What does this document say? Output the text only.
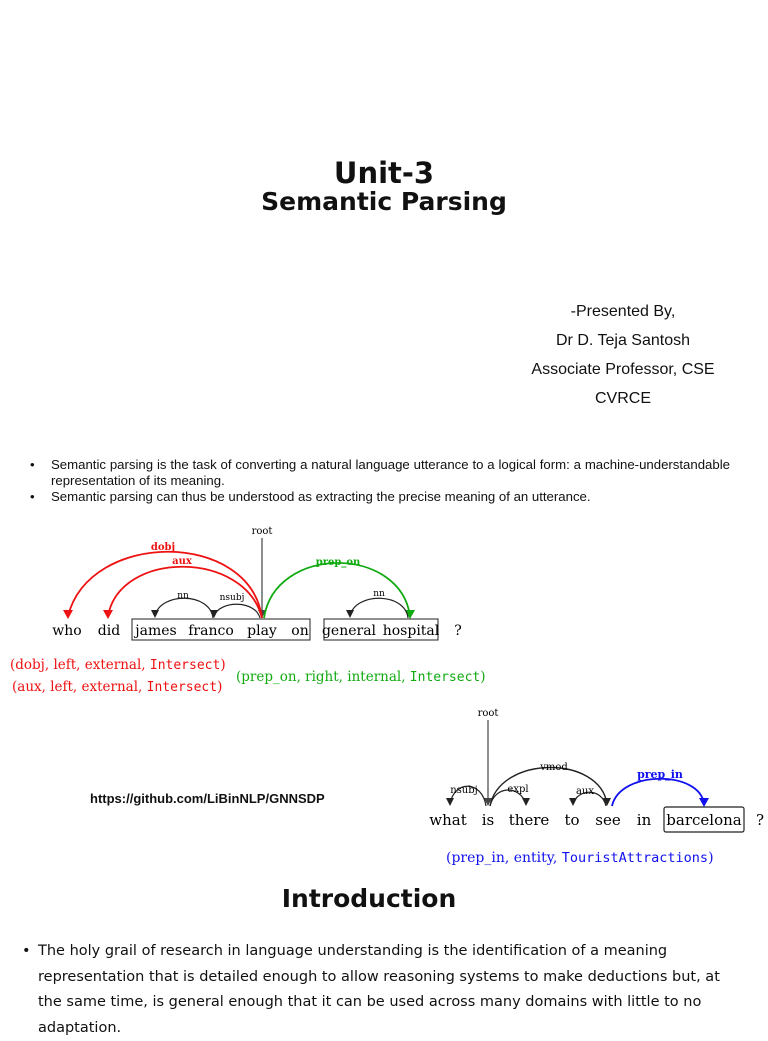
Unit-3
Semantic Parsing
-Presented By,
Dr D. Teja Santosh
Associate Professor, CSE
CVRCE
• Semantic parsing is the task of converting a natural language utterance to a logical form: a machine-understandable representation of its meaning.
• Semantic parsing can thus be understood as extracting the precise meaning of an utterance.
root
dobj
aux	prep_on
nn	nsubj	nn
who did james franco play on general hospital ?
(dobj, left, external, Intersect)
(aux, left, external, Intersect)
(prep_on, right, internal, Intersect)
https://github.com/LiBinNLP/GNNSDP
root
vmod
nsubj	expl	aux
prep_in
what is there to see in barcelona ?
(prep_in, entity, TouristAttractions)
Introduction
• The holy grail of research in language understanding is the identification of a meaning representation that is detailed enough to allow reasoning systems to make deductions but, at the same time, is general enough that it can be used across many domains with little to no adaptation.
